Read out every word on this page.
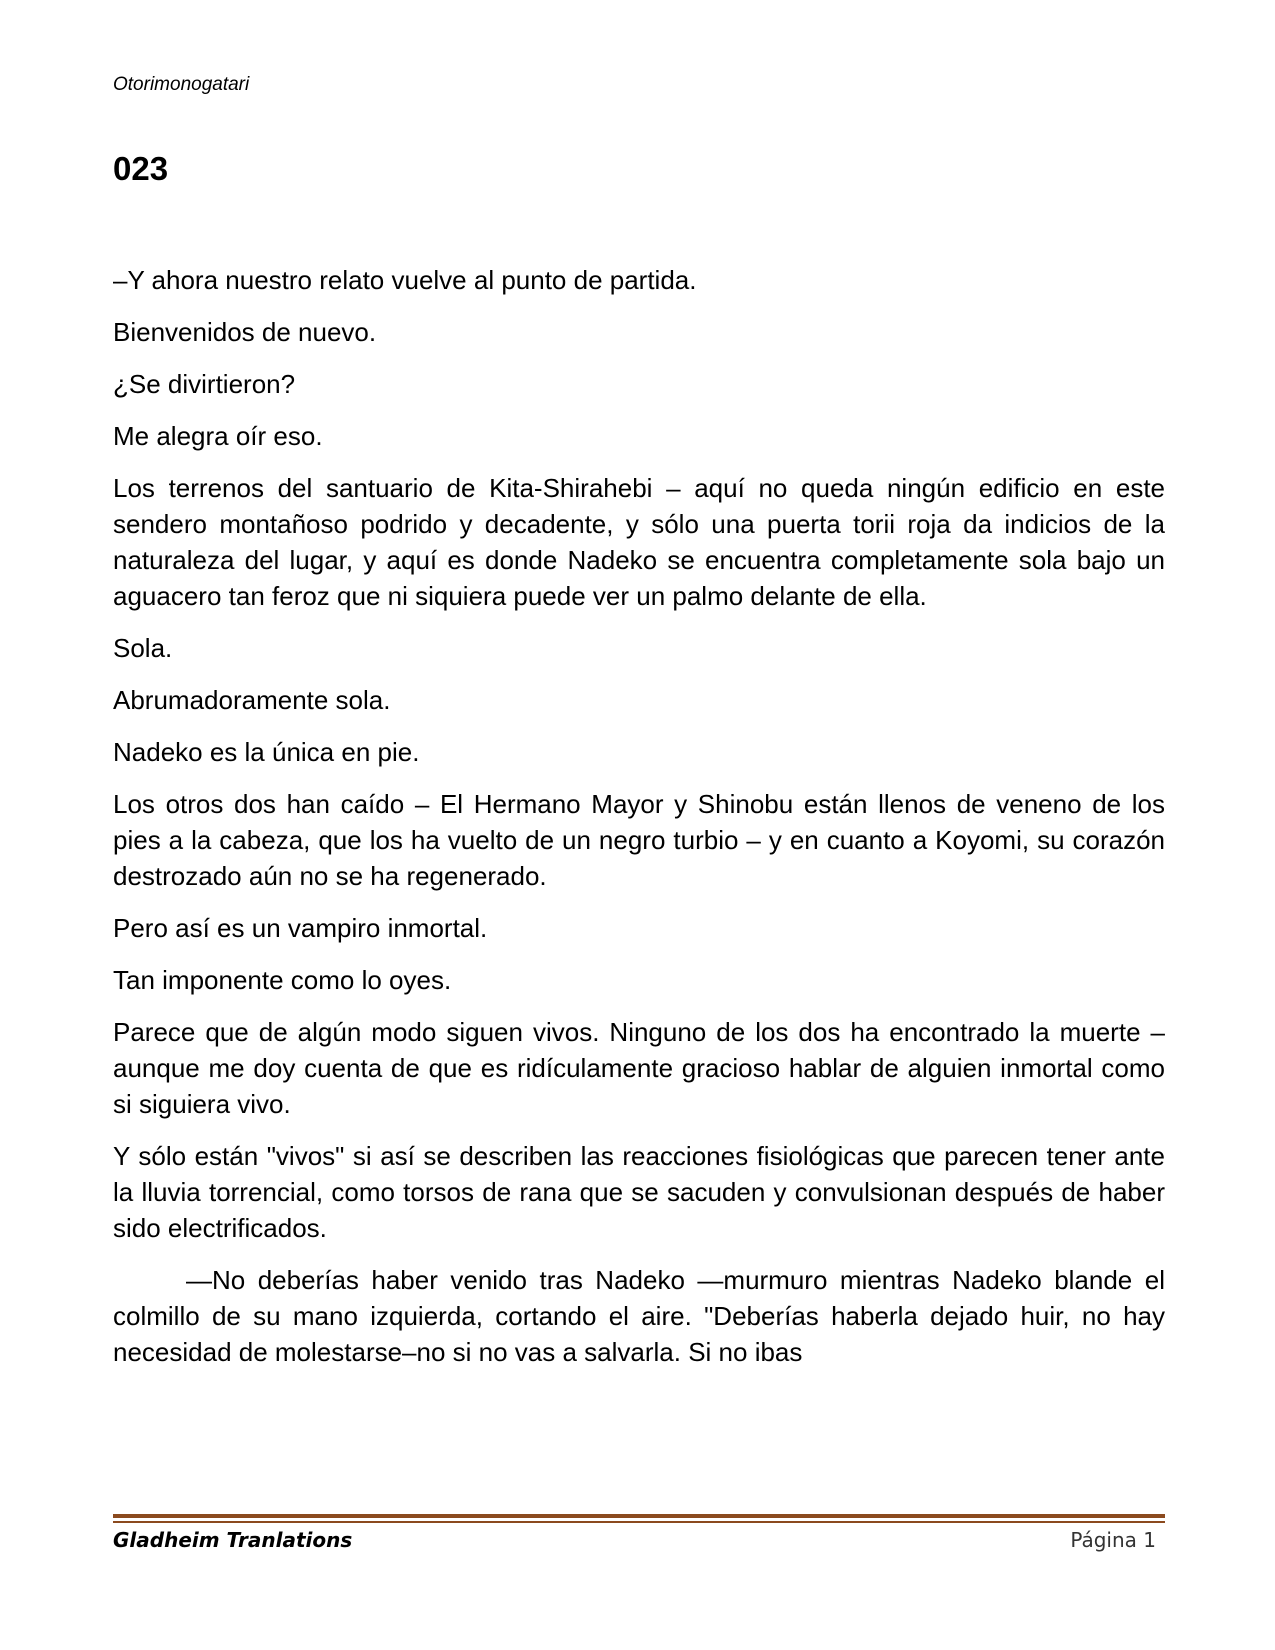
Otorimonogatari
023

–Y ahora nuestro relato vuelve al punto de partida.

Bienvenidos de nuevo.

¿Se divirtieron?

Me alegra oír eso.

Los terrenos del santuario de Kita-Shirahebi – aquí no queda ningún edificio en este sendero montañoso podrido y decadente, y sólo una puerta torii roja da indicios de la naturaleza del lugar, y aquí es donde Nadeko se encuentra completamente sola bajo un aguacero tan feroz que ni siquiera puede ver un palmo delante de ella.

Sola.

Abrumadoramente sola.

Nadeko es la única en pie.

Los otros dos han caído – El Hermano Mayor y Shinobu están llenos de veneno de los pies a la cabeza, que los ha vuelto de un negro turbio – y en cuanto a Koyomi, su corazón destrozado aún no se ha regenerado.

Pero así es un vampiro inmortal.

Tan imponente como lo oyes.

Parece que de algún modo siguen vivos. Ninguno de los dos ha encontrado la muerte – aunque me doy cuenta de que es ridículamente gracioso hablar de alguien inmortal como si siguiera vivo.

Y sólo están "vivos" si así se describen las reacciones fisiológicas que parecen tener ante la lluvia torrencial, como torsos de rana que se sacuden y convulsionan después de haber sido electrificados.

—No deberías haber venido tras Nadeko —murmuro mientras Nadeko blande el colmillo de su mano izquierda, cortando el aire. "Deberías haberla dejado huir, no hay necesidad de molestarse–no si no vas a salvarla. Si no ibas

Gladheim Tranlations	Página 1
